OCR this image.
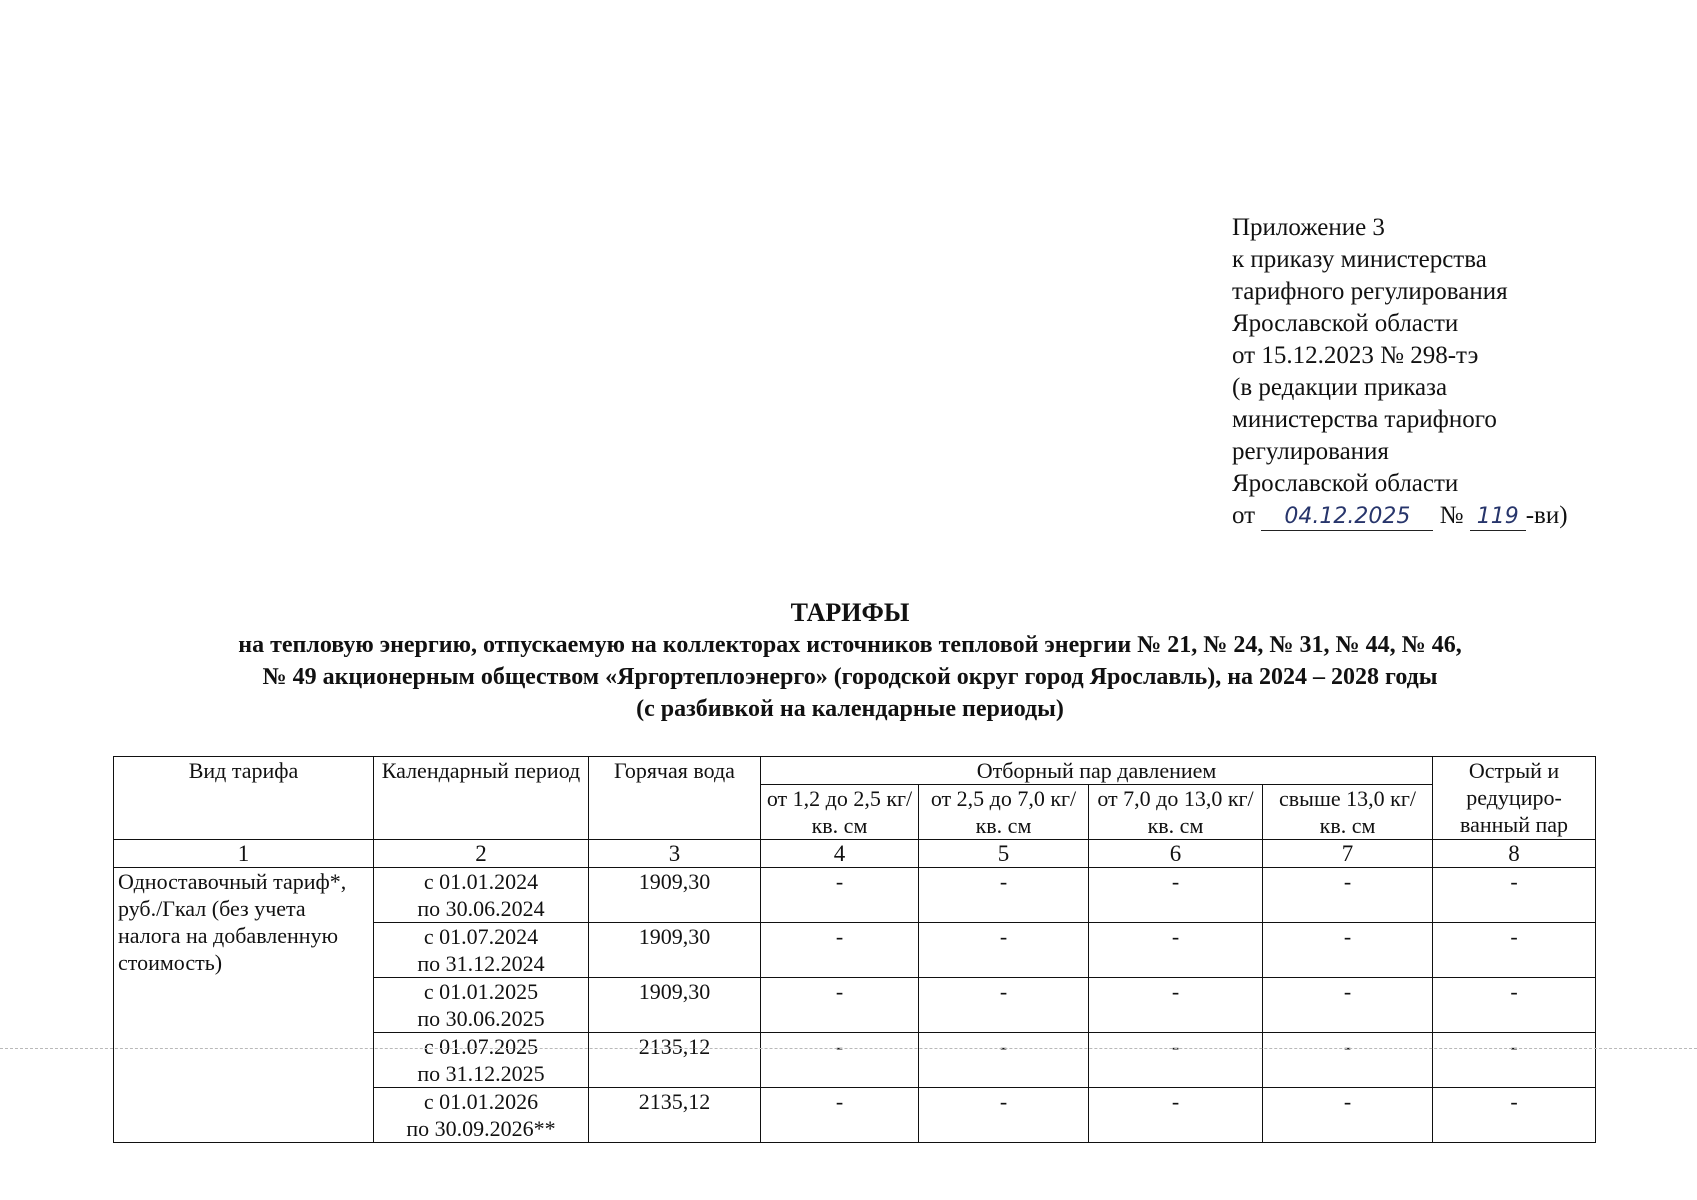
Приложение 3
к приказу министерства
тарифного регулирования
Ярославской области
от 15.12.2023 № 298-тэ
(в редакции приказа
министерства тарифного
регулирования
Ярославской области
от 04.12.2025 № 119 -ви)
ТАРИФЫ
на тепловую энергию, отпускаемую на коллекторах источников тепловой энергии № 21, № 24, № 31, № 44, № 46,
№ 49 акционерным обществом «Яргортеплоэнерго» (городской округ город Ярославль), на 2024 – 2028 годы
(с разбивкой на календарные периоды)
Вид тарифа	Календарный период	Горячая вода	Отборный пар давлением				Острый и редуциро-ванный пар
			от 1,2 до 2,5 кг/ кв. см	от 2,5 до 7,0 кг/ кв. см	от 7,0 до 13,0 кг/ кв. см	свыше 13,0 кг/ кв. см	
1	2	3	4	5	6	7	8
Одноставочный тариф*, руб./Гкал (без учета налога на добавленную стоимость)	с 01.01.2024
по 30.06.2024	1909,30	-	-	-	-	-
	с 01.07.2024
по 31.12.2024	1909,30	-	-	-	-	-
	с 01.01.2025
по 30.06.2025	1909,30	-	-	-	-	-
	с 01.07.2025
по 31.12.2025	2135,12	-	-	-	-	-
	с 01.01.2026
по 30.09.2026**	2135,12	-	-	-	-	-
